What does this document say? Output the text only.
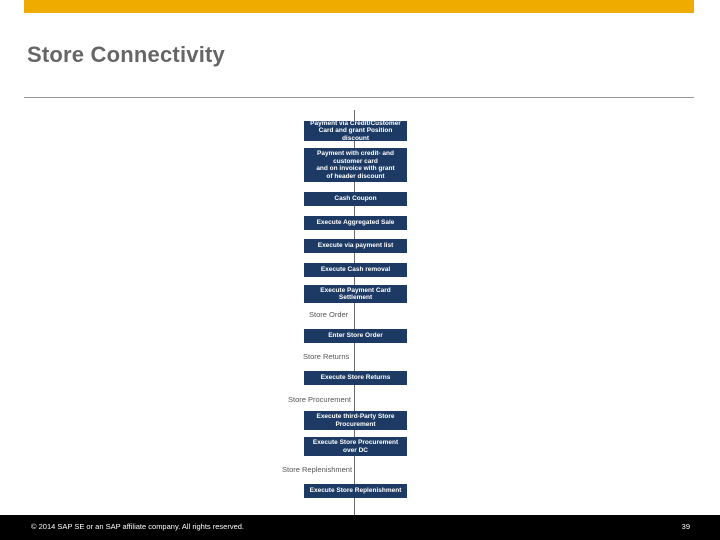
Store Connectivity
Payment via Credit/Customer Card and grant Position discount
Payment with credit- and customer card
and on invoice with grant
of header discount
Cash Coupon
Execute Aggregated Sale
Execute via payment list
Execute Cash removal
Execute Payment Card Settlement
Store Order
Enter Store Order
Store Returns
Execute Store Returns
Store Procurement
Execute third-Party Store Procurement
Execute Store Procurement over DC
Store Replenishment
Execute Store Replenishment
© 2014 SAP SE or an SAP affiliate company. All rights reserved.	39
